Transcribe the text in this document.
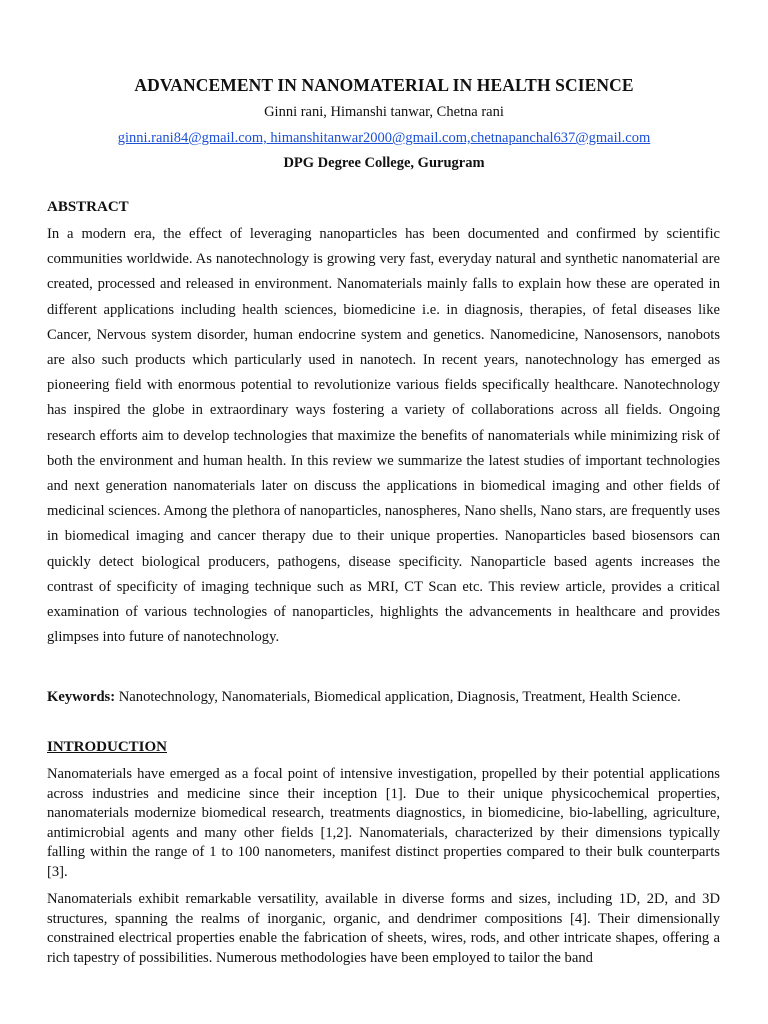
ADVANCEMENT IN NANOMATERIAL IN HEALTH SCIENCE
Ginni rani, Himanshi tanwar, Chetna rani
ginni.rani84@gmail.com, himanshitanwar2000@gmail.com,chetnapanchal637@gmail.com
DPG Degree College, Gurugram
ABSTRACT
In a modern era, the effect of leveraging nanoparticles has been documented and confirmed by scientific communities worldwide. As nanotechnology is growing very fast, everyday natural and synthetic nanomaterial are created, processed and released in environment. Nanomaterials mainly falls to explain how these are operated in different applications including health sciences, biomedicine i.e. in diagnosis, therapies, of fetal diseases like Cancer, Nervous system disorder, human endocrine system and genetics. Nanomedicine, Nanosensors, nanobots are also such products which particularly used in nanotech. In recent years, nanotechnology has emerged as pioneering field with enormous potential to revolutionize various fields specifically healthcare. Nanotechnology has inspired the globe in extraordinary ways fostering a variety of collaborations across all fields. Ongoing research efforts aim to develop technologies that maximize the benefits of nanomaterials while minimizing risk of both the environment and human health. In this review we summarize the latest studies of important technologies and next generation nanomaterials later on discuss the applications in biomedical imaging and other fields of medicinal sciences. Among the plethora of nanoparticles, nanospheres, Nano shells, Nano stars, are frequently uses in biomedical imaging and cancer therapy due to their unique properties. Nanoparticles based biosensors can quickly detect biological producers, pathogens, disease specificity. Nanoparticle based agents increases the contrast of specificity of imaging technique such as MRI, CT Scan etc. This review article, provides a critical examination of various technologies of nanoparticles, highlights the advancements in healthcare and provides glimpses into future of nanotechnology.
Keywords: Nanotechnology, Nanomaterials, Biomedical application, Diagnosis, Treatment, Health Science.
INTRODUCTION
Nanomaterials have emerged as a focal point of intensive investigation, propelled by their potential applications across industries and medicine since their inception [1]. Due to their unique physicochemical properties, nanomaterials modernize biomedical research, treatments diagnostics, in biomedicine, bio-labelling, agriculture, antimicrobial agents and many other fields [1,2]. Nanomaterials, characterized by their dimensions typically falling within the range of 1 to 100 nanometers, manifest distinct properties compared to their bulk counterparts [3].
Nanomaterials exhibit remarkable versatility, available in diverse forms and sizes, including 1D, 2D, and 3D structures, spanning the realms of inorganic, organic, and dendrimer compositions [4]. Their dimensionally constrained electrical properties enable the fabrication of sheets, wires, rods, and other intricate shapes, offering a rich tapestry of possibilities. Numerous methodologies have been employed to tailor the band
